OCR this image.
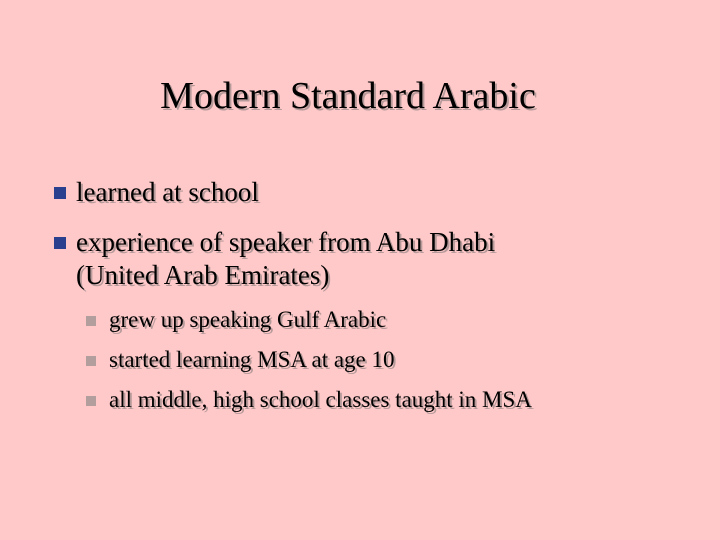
Modern Standard Arabic
learned at school
experience of speaker from Abu Dhabi
(United Arab Emirates)
grew up speaking Gulf Arabic
started learning MSA at age 10
all middle, high school classes taught in MSA
